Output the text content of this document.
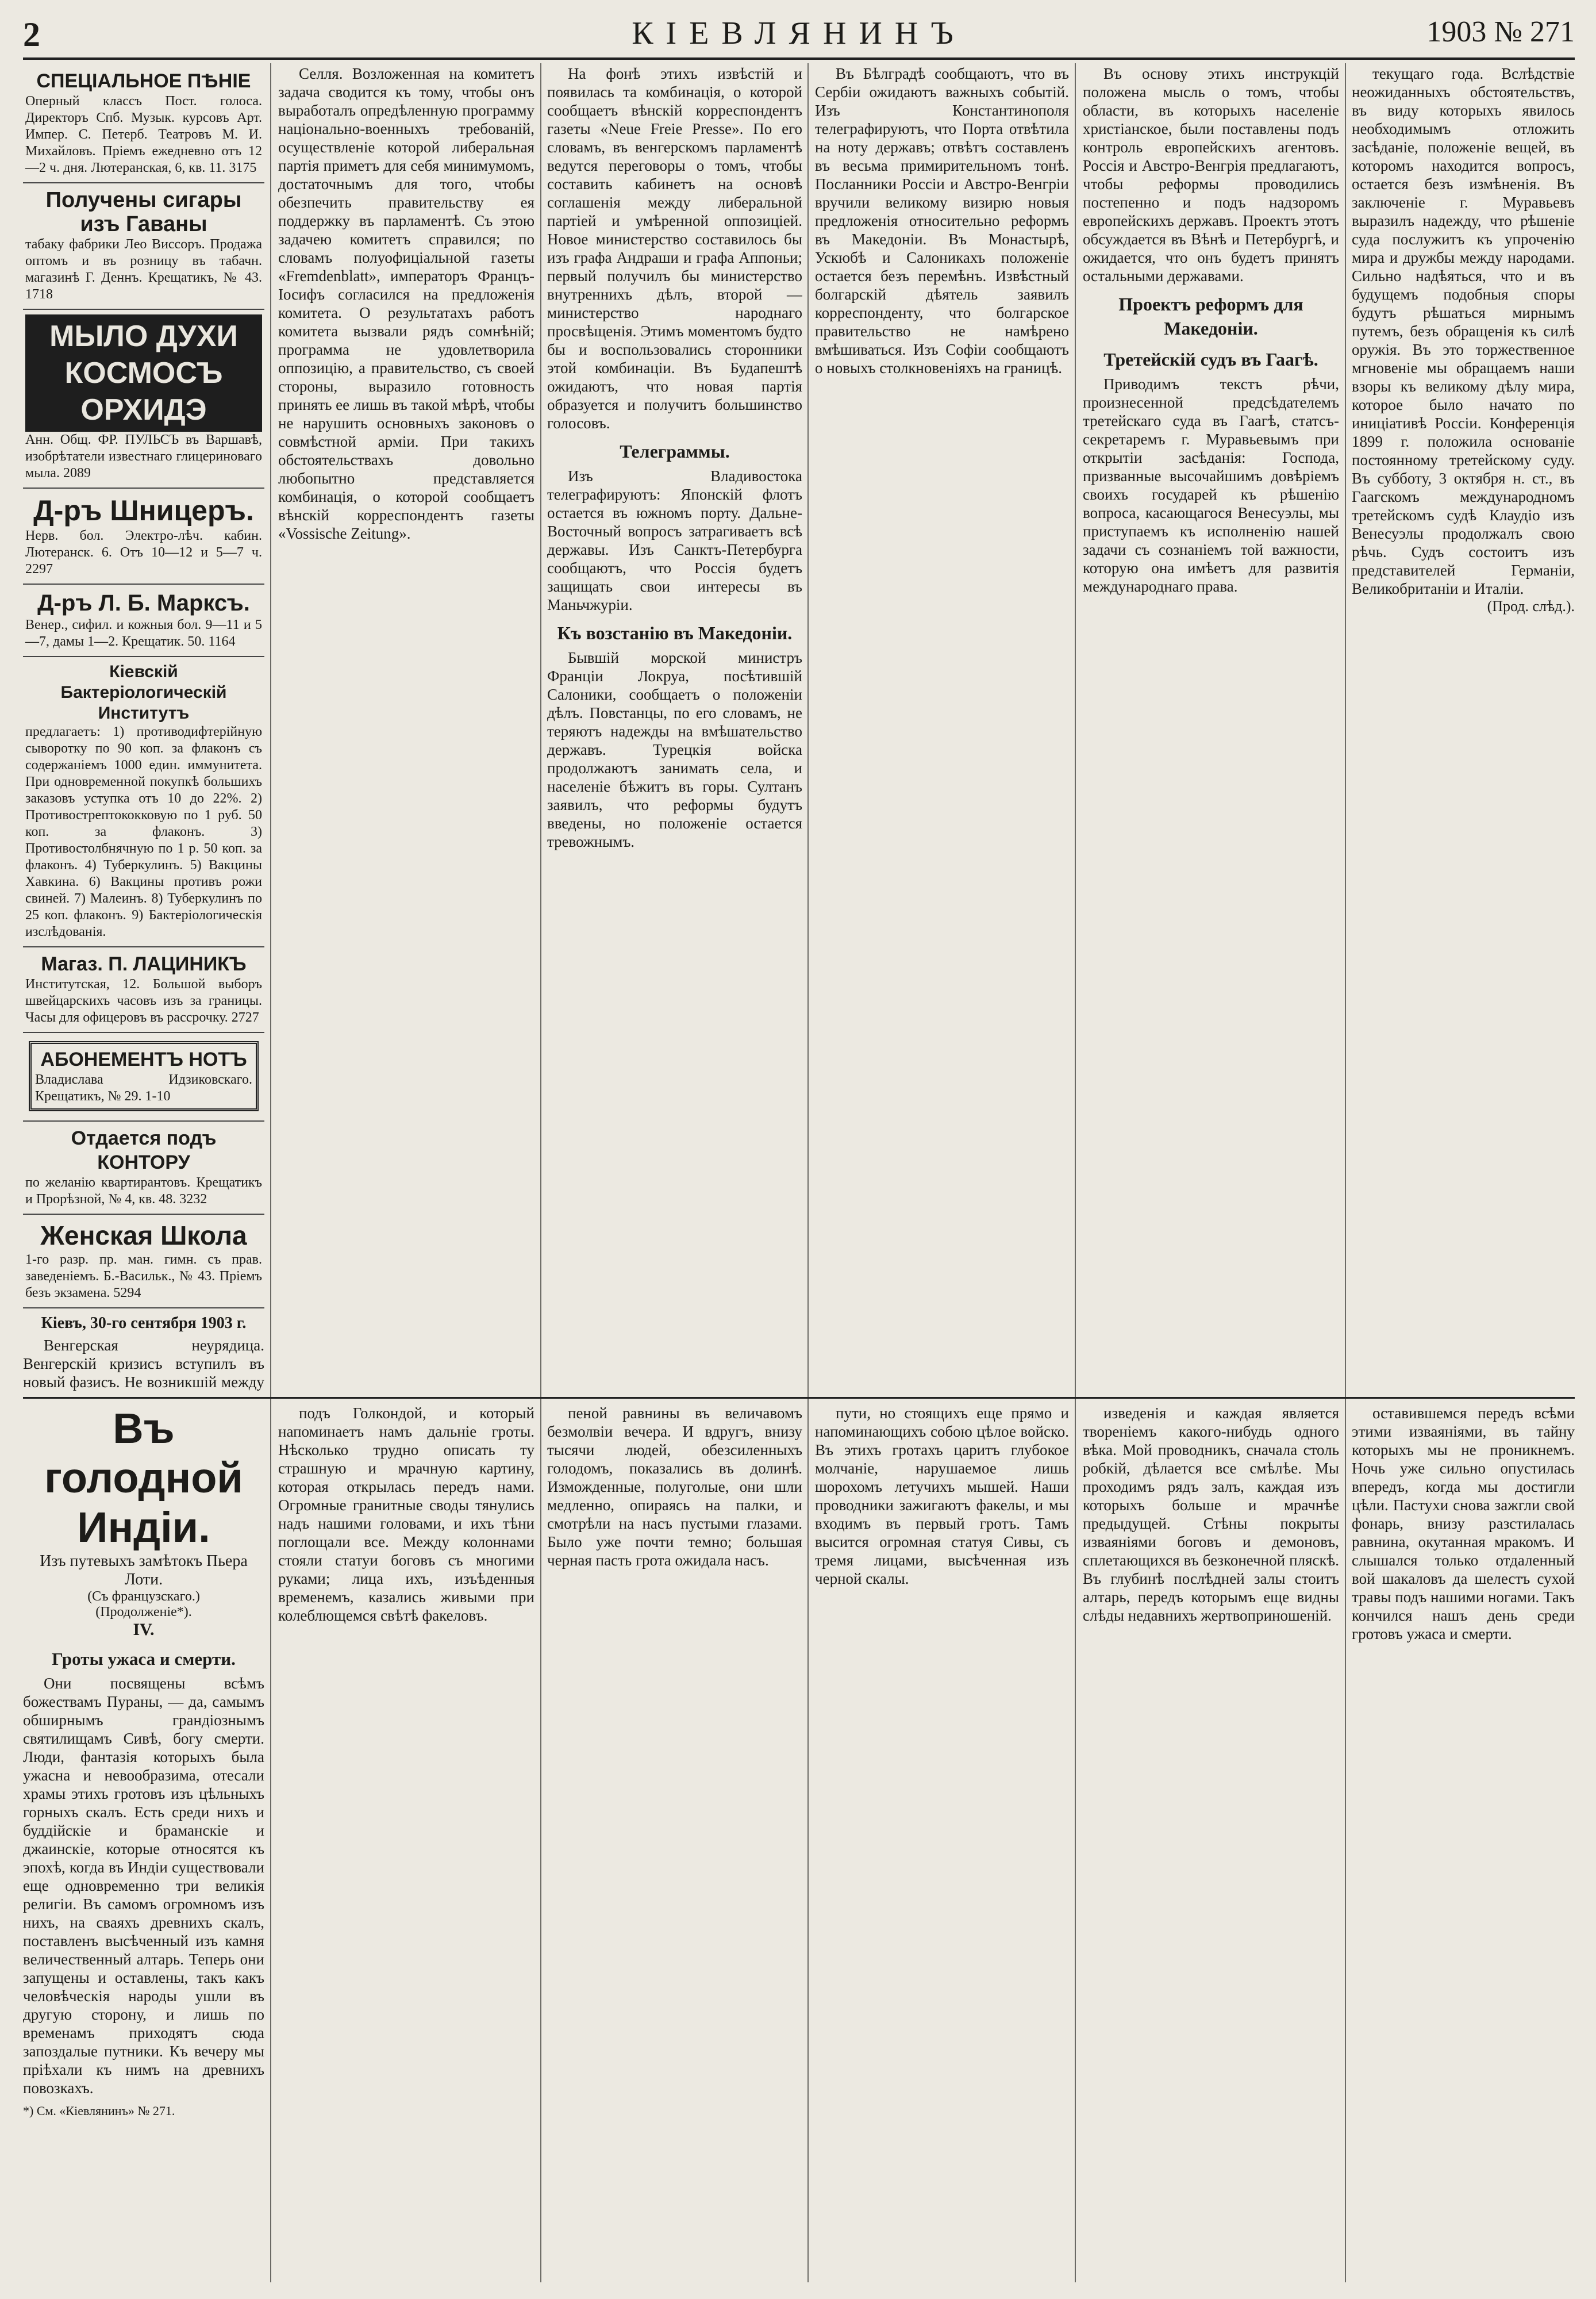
2	КІЕВЛЯНИНЪ	1903 № 271
СПЕЦІАЛЬНОЕ ПѢНІЕ
Оперный классъ Пост. голоса. Директоръ Спб. Музык. курсовъ Арт. Импер. С. Петерб. Театровъ М. И. Михайловъ. Пріемъ ежедневно отъ 12—2 ч. дня. Лютеранская, 6, кв. 11. 3175
Получены сигары изъ Гаваны
табаку фабрики Лео Виссоръ. Продажа оптомъ и въ розницу въ табачн. магазинѣ Г. Деннъ. Крещатикъ, № 43. 1718
МЫЛО ДУХИ КОСМОСЪ ОРХИДЭ
Анн. Общ. ФР. ПУЛЬСЪ въ Варшавѣ, изобрѣтатели известнаго глицериноваго мыла. 2089
Д-ръ Шницеръ.
Нерв. бол. Электро-лѣч. кабин. Лютеранск. 6. Отъ 10—12 и 5—7 ч. 2297
Д-ръ Л. Б. Марксъ.
Венер., сифил. и кожныя бол. 9—11 и 5—7, дамы 1—2. Крещатик. 50. 1164
Кіевскій Бактеріологическій Институтъ
предлагаетъ: 1) противодифтерійную сыворотку по 90 коп. за флаконъ съ содержаніемъ 1000 един. иммунитета. При одновременной покупкѣ большихъ заказовъ уступка отъ 10 до 22%. 2) Противострептококковую по 1 руб. 50 коп. за флаконъ. 3) Противостолбнячную по 1 р. 50 коп. за флаконъ. 4) Туберкулинъ. 5) Вакцины Хавкина. 6) Вакцины противъ рожи свиней. 7) Малеинъ. 8) Туберкулинъ по 25 коп. флаконъ. 9) Бактеріологическія изслѣдованія.
Магаз. П. ЛАЦИНИКЪ
Институтская, 12. Большой выборъ швейцарскихъ часовъ изъ за границы. Часы для офицеровъ въ рассрочку. 2727
АБОНЕМЕНТЪ НОТЪ
Владислава Идзиковскаго. Крещатикъ, № 29. 1-10
Отдается подъ КОНТОРУ
по желанію квартирантовъ. Крещатикъ и Прорѣзной, № 4, кв. 48. 3232
Женская Школа
1-го разр. пр. ман. гимн. съ прав. заведеніемъ. Б.-Васильк., № 43. Пріемъ безъ экзамена. 5294
Кіевъ, 30-го сентября 1903 г.
Венгерская неурядица. Венгерскій кризисъ вступилъ въ новый фазисъ. Не возникшій между
Селля. Возложенная на комитетъ задача сводится къ тому, чтобы онъ выработалъ опредѣленную программу національно-военныхъ требованій, осуществленіе которой либеральная партія приметъ для себя минимумомъ, достаточнымъ для того, чтобы обезпечить правительству ея поддержку въ парламентѣ. Съ этою задачею комитетъ справился; по словамъ полуофиціальной газеты «Fremdenblatt», императоръ Францъ-Іосифъ согласился на предложенія комитета. О результатахъ работъ комитета вызвали рядъ сомнѣній; программа не удовлетворила оппозицію, а правительство, съ своей стороны, выразило готовность принять ее лишь въ такой мѣрѣ, чтобы не нарушить основныхъ законовъ о совмѣстной арміи. При такихъ обстоятельствахъ довольно любопытно представляется комбинація, о которой сообщаетъ вѣнскій корреспондентъ газеты «Vossische Zeitung».
На фонѣ этихъ извѣстій и появилась та комбинація, о которой сообщаетъ вѣнскій корреспондентъ газеты «Neue Freie Presse». По его словамъ, въ венгерскомъ парламентѣ ведутся переговоры о томъ, чтобы составить кабинетъ на основѣ соглашенія между либеральной партіей и умѣренной оппозиціей. Новое министерство составилось бы изъ графа Андраши и графа Аппоньи; первый получилъ бы министерство внутреннихъ дѣлъ, второй — министерство народнаго просвѣщенія. Этимъ моментомъ будто бы и воспользовались сторонники этой комбинаціи. Въ Будапештѣ ожидаютъ, что новая партія образуется и получитъ большинство голосовъ.
Телеграммы.
Изъ Владивостока телеграфируютъ: Японскій флотъ остается въ южномъ порту. Дальне-Восточный вопросъ затрагиваетъ всѣ державы. Изъ Санктъ-Петербурга сообщаютъ, что Россія будетъ защищать свои интересы въ Маньчжуріи.
Къ возстанію въ Македоніи.
Бывшій морской министръ Франціи Локруа, посѣтившій Салоники, сообщаетъ о положеніи дѣлъ. Повстанцы, по его словамъ, не теряютъ надежды на вмѣшательство державъ. Турецкія войска продолжаютъ занимать села, и населеніе бѣжитъ въ горы. Султанъ заявилъ, что реформы будутъ введены, но положеніе остается тревожнымъ.
Въ Бѣлградѣ сообщаютъ, что въ Сербіи ожидаютъ важныхъ событій. Изъ Константинополя телеграфируютъ, что Порта отвѣтила на ноту державъ; отвѣтъ составленъ въ весьма примирительномъ тонѣ. Посланники Россіи и Австро-Венгріи вручили великому визирю новыя предложенія относительно реформъ въ Македоніи. Въ Монастырѣ, Ускюбѣ и Салоникахъ положеніе остается безъ перемѣнъ. Извѣстный болгарскій дѣятель заявилъ корреспонденту, что болгарское правительство не намѣрено вмѣшиваться. Изъ Софіи сообщаютъ о новыхъ столкновеніяхъ на границѣ.
Въ основу этихъ инструкцій положена мысль о томъ, чтобы области, въ которыхъ населеніе христіанское, были поставлены подъ контроль европейскихъ агентовъ. Россія и Австро-Венгрія предлагаютъ, чтобы реформы проводились постепенно и подъ надзоромъ европейскихъ державъ. Проектъ этотъ обсуждается въ Вѣнѣ и Петербургѣ, и ожидается, что онъ будетъ принятъ остальными державами.
Проектъ реформъ для Македоніи.
Третейскій судъ въ Гаагѣ.
Приводимъ текстъ рѣчи, произнесенной предсѣдателемъ третейскаго суда въ Гаагѣ, статсъ-секретаремъ г. Муравьевымъ при открытіи засѣданія: Господа, призванные высочайшимъ довѣріемъ своихъ государей къ рѣшенію вопроса, касающагося Венесуэлы, мы приступаемъ къ исполненію нашей задачи съ сознаніемъ той важности, которую она имѣетъ для развитія международнаго права.
текущаго года. Вслѣдствіе неожиданныхъ обстоятельствъ, въ виду которыхъ явилось необходимымъ отложить засѣданіе, положеніе вещей, въ которомъ находится вопросъ, остается безъ измѣненія. Въ заключеніе г. Муравьевъ выразилъ надежду, что рѣшеніе суда послужитъ къ упроченію мира и дружбы между народами. Сильно надѣяться, что и въ будущемъ подобныя споры будутъ рѣшаться мирнымъ путемъ, безъ обращенія къ силѣ оружія. Въ это торжественное мгновеніе мы обращаемъ наши взоры къ великому дѣлу мира, которое было начато по иниціативѣ Россіи. Конференція 1899 г. положила основаніе постоянному третейскому суду. Въ субботу, 3 октября н. ст., въ Гаагскомъ международномъ третейскомъ судѣ Клаудіо изъ Венесуэлы продолжалъ свою рѣчь. Судъ состоитъ изъ представителей Германіи, Великобританіи и Италіи.
(Прод. слѣд.).
Въ голодной Индіи.
Изъ путевыхъ замѣтокъ Пьера Лоти.
(Съ французскаго.)
(Продолженіе*).
IV.
Гроты ужаса и смерти.
Они посвящены всѣмъ божествамъ Пураны, — да, самымъ обширнымъ грандіознымъ святилищамъ Сивѣ, богу смерти. Люди, фантазія которыхъ была ужасна и невообразима, отесали храмы этихъ гротовъ изъ цѣльныхъ горныхъ скалъ. Есть среди нихъ и буддійскіе и браманскіе и джаинскіе, которые относятся къ эпохѣ, когда въ Индіи существовали еще одновременно три великія религіи. Въ самомъ огромномъ изъ нихъ, на сваяхъ древнихъ скалъ, поставленъ высѣченный изъ камня величественный алтарь. Теперь они запущены и оставлены, такъ какъ человѣческія народы ушли въ другую сторону, и лишь по временамъ приходятъ сюда запоздалые путники. Къ вечеру мы пріѣхали къ нимъ на древнихъ повозкахъ.
*) См. «Кіевлянинъ» № 271.
подъ Голкондой, и который напоминаетъ намъ дальніе гроты. Нѣсколько трудно описать ту страшную и мрачную картину, которая открылась передъ нами. Огромные гранитные своды тянулись надъ нашими головами, и ихъ тѣни поглощали все. Между колоннами стояли статуи боговъ съ многими руками; лица ихъ, изъѣденныя временемъ, казались живыми при колеблющемся свѣтѣ факеловъ.
пеной равнины въ величавомъ безмолвіи вечера. И вдругъ, внизу тысячи людей, обезсиленныхъ голодомъ, показались въ долинѣ. Изможденные, полуголые, они шли медленно, опираясь на палки, и смотрѣли на насъ пустыми глазами. Было уже почти темно; большая черная пасть грота ожидала насъ.
пути, но стоящихъ еще прямо и напоминающихъ собою цѣлое войско. Въ этихъ гротахъ царитъ глубокое молчаніе, нарушаемое лишь шорохомъ летучихъ мышей. Наши проводники зажигаютъ факелы, и мы входимъ въ первый гротъ. Тамъ высится огромная статуя Сивы, съ тремя лицами, высѣченная изъ черной скалы.
изведенія и каждая является твореніемъ какого-нибудь одного вѣка. Мой проводникъ, сначала столь робкій, дѣлается все смѣлѣе. Мы проходимъ рядъ залъ, каждая изъ которыхъ больше и мрачнѣе предыдущей. Стѣны покрыты изваяніями боговъ и демоновъ, сплетающихся въ безконечной пляскѣ. Въ глубинѣ послѣдней залы стоитъ алтарь, передъ которымъ еще видны слѣды недавнихъ жертвоприношеній.
оставившемся передъ всѣми этими изваяніями, въ тайну которыхъ мы не проникнемъ. Ночь уже сильно опустилась впередъ, когда мы достигли цѣли. Пастухи снова зажгли свой фонарь, внизу разстилалась равнина, окутанная мракомъ. И слышался только отдаленный вой шакаловъ да шелестъ сухой травы подъ нашими ногами. Такъ кончился нашъ день среди гротовъ ужаса и смерти.
